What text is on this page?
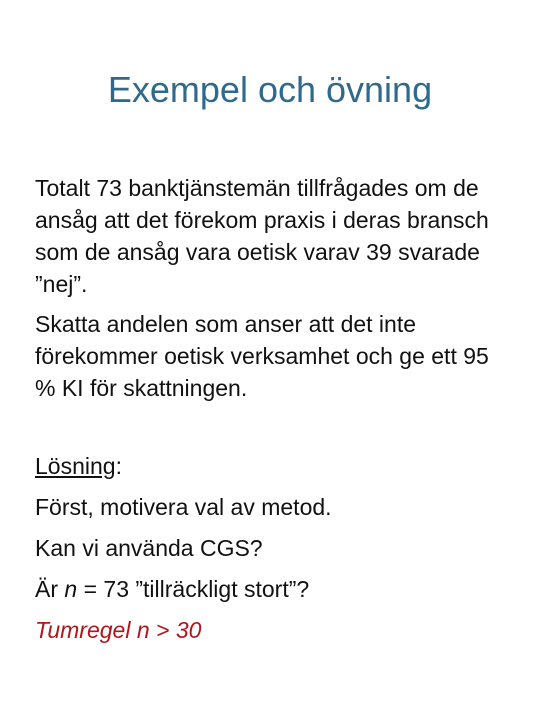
Exempel och övning

Totalt 73 banktjänstemän tillfrågades om de ansåg att det förekom praxis i deras bransch som de ansåg vara oetisk varav 39 svarade ”nej”.

Skatta andelen som anser att det inte förekommer oetisk verksamhet och ge ett 95 % KI för skattningen.

Lösning:
Först, motivera val av metod.
Kan vi använda CGS?
Är n = 73 ”tillräckligt stort”?
Tumregel n > 30
